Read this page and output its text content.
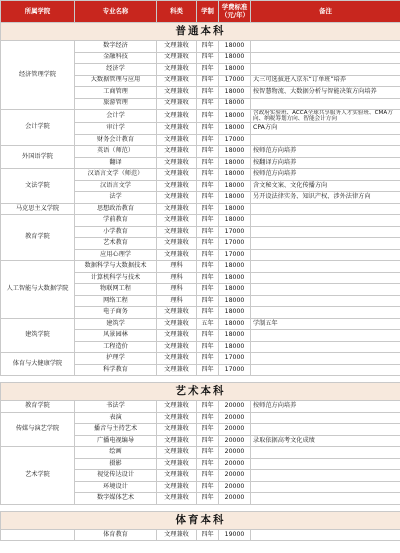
所属学院	专业名称	科类	学制	学费标准（元/年）	备注
普通本科					
经济管理学院	数字经济	文理兼收	四年	18000	
	金融科技	文理兼收	四年	18000	
	经济学	文理兼收	四年	18000	
	大数据管理与应用	文理兼收	四年	17000	大三可选拔进入京东“订单班”培养
	工商管理	文理兼收	四年	18000	按智慧物流、大数据分析与智能决策方向培养
	旅游管理	文理兼收	四年	18000	
会计学院	会计学	文理兼收	四年	18000	含政府实验班、ACCA全球共享服务人才实验班、CMA方向、纳税筹划方向、智能会计方向
	审计学	文理兼收	四年	18000	CPA方向
	财务会计教育	文理兼收	四年	17000	
外国语学院	英语（师范）	文理兼收	四年	18000	按师范方向培养
	翻译	文理兼收	四年	18000	按翻译方向培养
文法学院	汉语言文学（师范）	文理兼收	四年	18000	按师范方向培养
	汉语言文学	文理兼收	四年	18000	含文秘文案、文化传播方向
	法学	文理兼收	四年	18000	另开设法律实务、知识产权、涉外法律方向
马克思主义学院	思想政治教育	文理兼收	四年	18000	
教育学院	学前教育	文理兼收	四年	18000	
	小学教育	文理兼收	四年	17000	
	艺术教育	文理兼收	四年	17000	
	应用心理学	文理兼收	四年	17000	
人工智能与大数据学院	数据科学与大数据技术	理科	四年	18000	
	计算机科学与技术	理科	四年	18000	
	物联网工程	理科	四年	18000	
	网络工程	理科	四年	18000	
	电子商务	文理兼收	四年	18000	
建筑学院	建筑学	文理兼收	五年	18000	学制五年
	风景园林	文理兼收	四年	18000	
	工程造价	文理兼收	四年	18000	
体育与大健康学院	护理学	文理兼收	四年	17000	
	科学教育	文理兼收	四年	17000	

艺术本科					
教育学院	书法学	文理兼收	四年	20000	按师范方向培养
传媒与演艺学院	表演	文理兼收	四年	20000	
	播音与主持艺术	文理兼收	四年	20000	
	广播电视编导	文理兼收	四年	20000	录取依据高考文化成绩
艺术学院	绘画	文理兼收	四年	20000	
	摄影	文理兼收	四年	20000	
	视觉传达设计	文理兼收	四年	20000	
	环境设计	文理兼收	四年	20000	
	数字媒体艺术	文理兼收	四年	20000	

体育本科					
	体育教育	文理兼收	四年	19000	
